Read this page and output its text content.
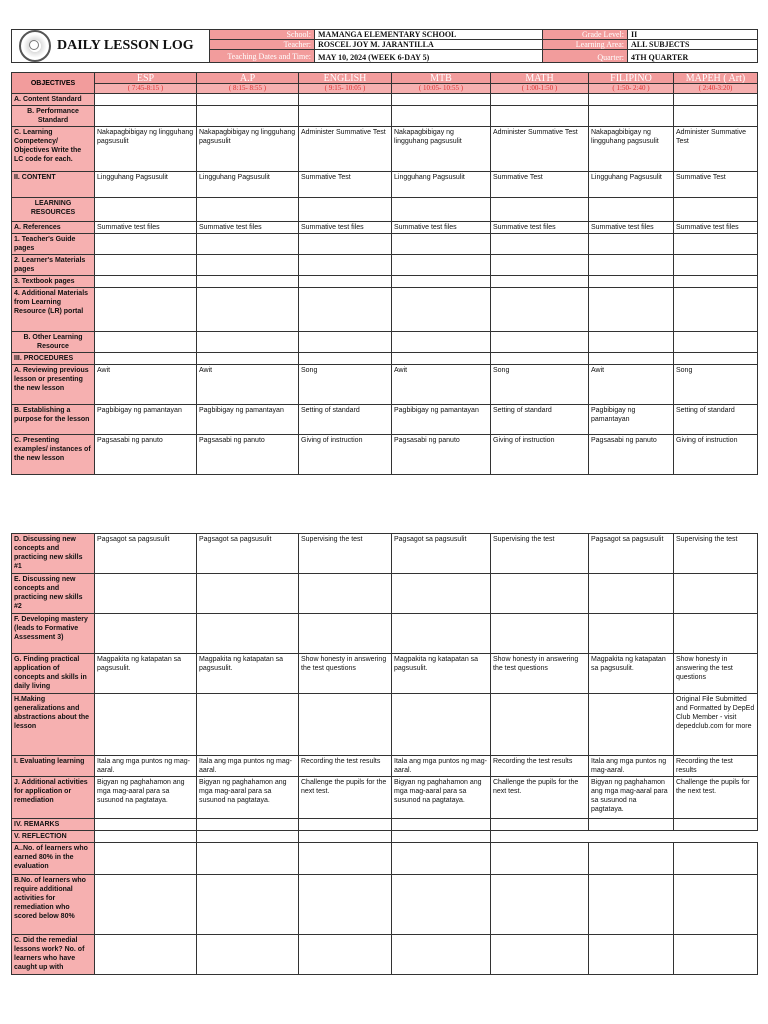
DAILY LESSON LOG	School:	MAMANGA ELEMENTARY SCHOOL	Grade Level:	II
	Teacher:	ROSCEL JOY M. JARANTILLA	Learning Area:	ALL SUBJECTS
	Teaching Dates and Time:	MAY 10, 2024 (WEEK 6-DAY 5)	Quarter:	4TH QUARTER

OBJECTIVES	ESP	A.P	ENGLISH	MTB	MATH	FILIPINO	MAPEH ( Art)
	( 7:45-8:15 )	( 8:15- 8:55 )	( 9:15- 10:05 )	( 10:05- 10:55 )	( 1:00-1:50 )	( 1:50- 2:40 )	( 2:40-3:20)
A. Content Standard							
B. Performance Standard							
C. Learning Competency/ Objectives Write the LC code for each.	Nakapagbibigay ng lingguhang pagsusulit	Nakapagbibigay ng lingguhang pagsusulit	Administer Summative Test	Nakapagbibigay ng lingguhang pagsusulit	Administer Summative Test	Nakapagbibigay ng lingguhang pagsusulit	Administer Summative Test
II. CONTENT	Lingguhang Pagsusulit	Lingguhang Pagsusulit	Summative Test	Lingguhang Pagsusulit	Summative Test	Lingguhang Pagsusulit	Summative Test
LEARNING RESOURCES							
A. References	Summative test files	Summative test files	Summative test files	Summative test files	Summative test files	Summative test files	Summative test files
1. Teacher's Guide pages							
2. Learner's Materials pages							
3. Textbook pages							
4. Additional Materials from Learning Resource (LR) portal							
B. Other Learning Resource							
III. PROCEDURES							
A. Reviewing previous lesson or presenting the new lesson	Awit	Awit	Song	Awit	Song	Awit	Song
B. Establishing a purpose for the lesson	Pagbibigay ng pamantayan	Pagbibigay ng pamantayan	Setting of standard	Pagbibigay ng pamantayan	Setting of standard	Pagbibigay ng pamantayan	Setting of standard
C. Presenting examples/ instances of the new lesson	Pagsasabi ng panuto	Pagsasabi ng panuto	Giving of instruction	Pagsasabi ng panuto	Giving of instruction	Pagsasabi ng panuto	Giving of instruction
D. Discussing new concepts and practicing new skills #1	Pagsagot sa pagsusulit	Pagsagot sa pagsusulit	Supervising the test	Pagsagot sa pagsusulit	Supervising the test	Pagsagot sa pagsusulit	Supervising the test
E. Discussing new concepts and practicing new skills #2							
F. Developing mastery (leads to Formative Assessment 3)							
G. Finding practical application of concepts and skills in daily living	Magpakita ng katapatan sa pagsusulit.	Magpakita ng katapatan sa pagsusulit.	Show honesty in answering the test questions	Magpakita ng katapatan sa pagsusulit.	Show honesty in answering the test questions	Magpakita ng katapatan sa pagsusulit.	Show honesty in answering the test questions
H.Making generalizations and abstractions about the lesson							Original File Submitted and Formatted by DepEd Club Member - visit depedclub.com for more
I. Evaluating learning	Itala ang mga puntos ng mag-aaral.	Itala ang mga puntos ng mag-aaral.	Recording the test results	Itala ang mga puntos ng mag-aaral.	Recording the test results	Itala ang mga puntos ng mag-aaral.	Recording the test results
J. Additional activities for application or remediation	Bigyan ng paghahamon ang mga mag-aaral para sa susunod na pagtataya.	Bigyan ng paghahamon ang mga mag-aaral para sa susunod na pagtataya.	Challenge the pupils for the next test.	Bigyan ng paghahamon ang mga mag-aaral para sa susunod na pagtataya.	Challenge the pupils for the next test.	Bigyan ng paghahamon ang mga mag-aaral para sa susunod na pagtataya.	Challenge the pupils for the next test.
IV. REMARKS							
V. REFLECTION							
A..No. of learners who earned 80% in the evaluation							
B.No. of learners who require additional activities for remediation who scored below 80%							
C. Did the remedial lessons work? No. of learners who have caught up with							
